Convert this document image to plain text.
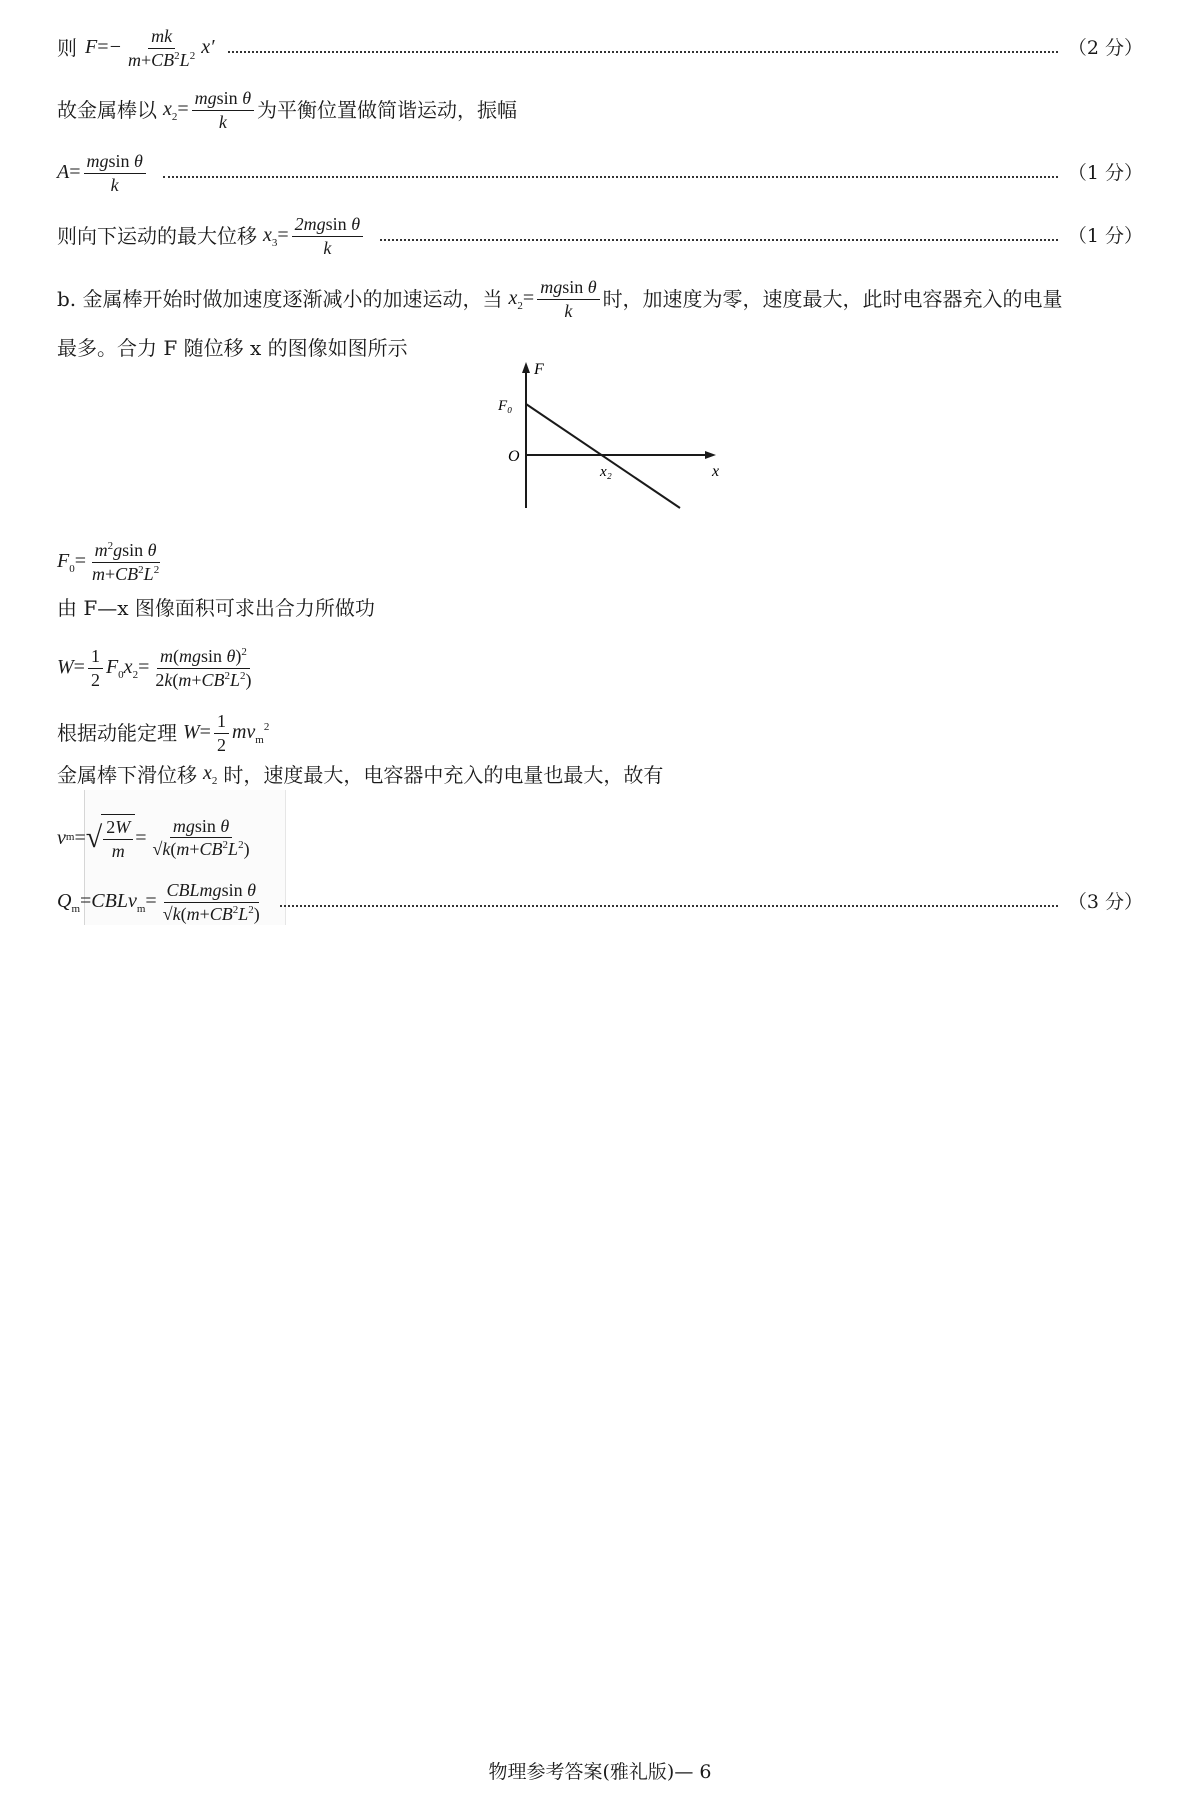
则 $F=- \frac{mk}{m+CB^2L^2} x'$	（2 分）
故金属棒以 $x_2= \frac{\text{mgsin θ}}{k}$ 为平衡位置做简谐运动，振幅
$A= \frac{\text{mgsin θ}}{k}$	（1 分）
则向下运动的最大位移 $x_3= \frac{\text{2mgsin θ}}{k}$	（1 分）
b. 金属棒开始时做加速度逐渐减小的加速运动，当 $x_2= \frac{\text{mgsin θ}}{k}$ 时，加速度为零，速度最大，此时电容器充入的电量
最多。合力 F 随位移 x 的图像如图所示
F
x
O
F₀
x₂
$F_0= \frac{m^2gsin \theta}{m+CB^2L^2}$
由 F—x 图像面积可求出合力所做功
$W= \frac{1}{2} F_0x_2= \frac{m(mgsin \theta)^2}{2k(m+CB^2L^2)}$
根据动能定理 $W= \frac{1}{2} mv_m^2$
金属棒下滑位移 $x_2$ 时，速度最大，电容器中充入的电量也最大，故有
v m = √ $\frac{2W}{m} = \frac{\text{mgsin θ}}{√k(m+CB^2L^2)}$
$Q_m=CBLv_m= \frac{\text{CBLmgsin θ}}{√k(m+CB^2L^2)}$	（3 分）
物理参考答案(雅礼版)— 6
